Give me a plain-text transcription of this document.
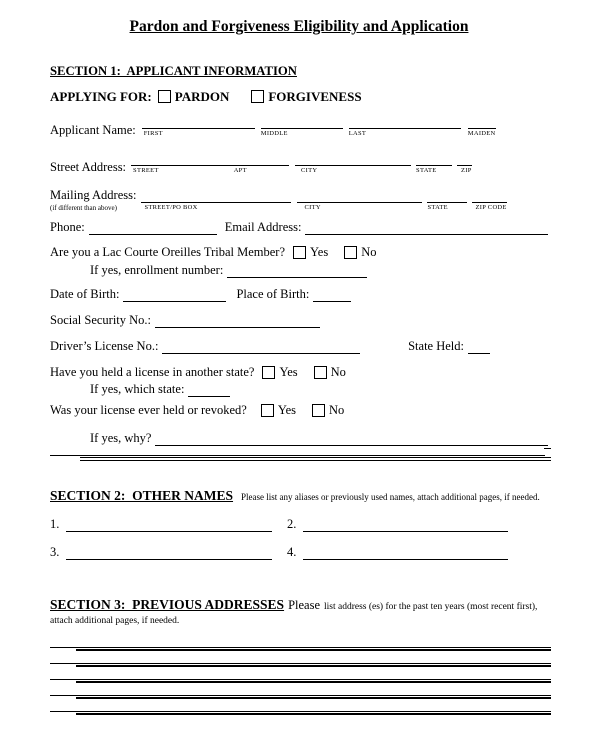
Pardon and Forgiveness Eligibility and Application
SECTION 1:  APPLICANT INFORMATION
APPLYING FOR: PARDON	FORGIVENESS
Applicant Name: FIRST	MIDDLE	LAST	MAIDEN
Street Address: STREET	APT	CITY	STATE	ZIP
Mailing Address:
(if different than above)	STREET/PO BOX	CITY	STATE	ZIP CODE
Phone:	Email Address:
Are you a Lac Courte Oreilles Tribal Member? Yes	No
If yes, enrollment number:
Date of Birth:	Place of Birth:
Social Security No.:
Driver’s License No.:	State Held:
Have you held a license in another state? Yes	No
If yes, which state:
Was your license ever held or revoked? Yes	No
If yes, why?
SECTION 2:  OTHER NAMES Please list any aliases or previously used names, attach additional pages, if needed.
1.	2.
3.	4.
SECTION 3:  PREVIOUS ADDRESSES Please list address (es) for the past ten years (most recent first),
attach additional pages, if needed.
